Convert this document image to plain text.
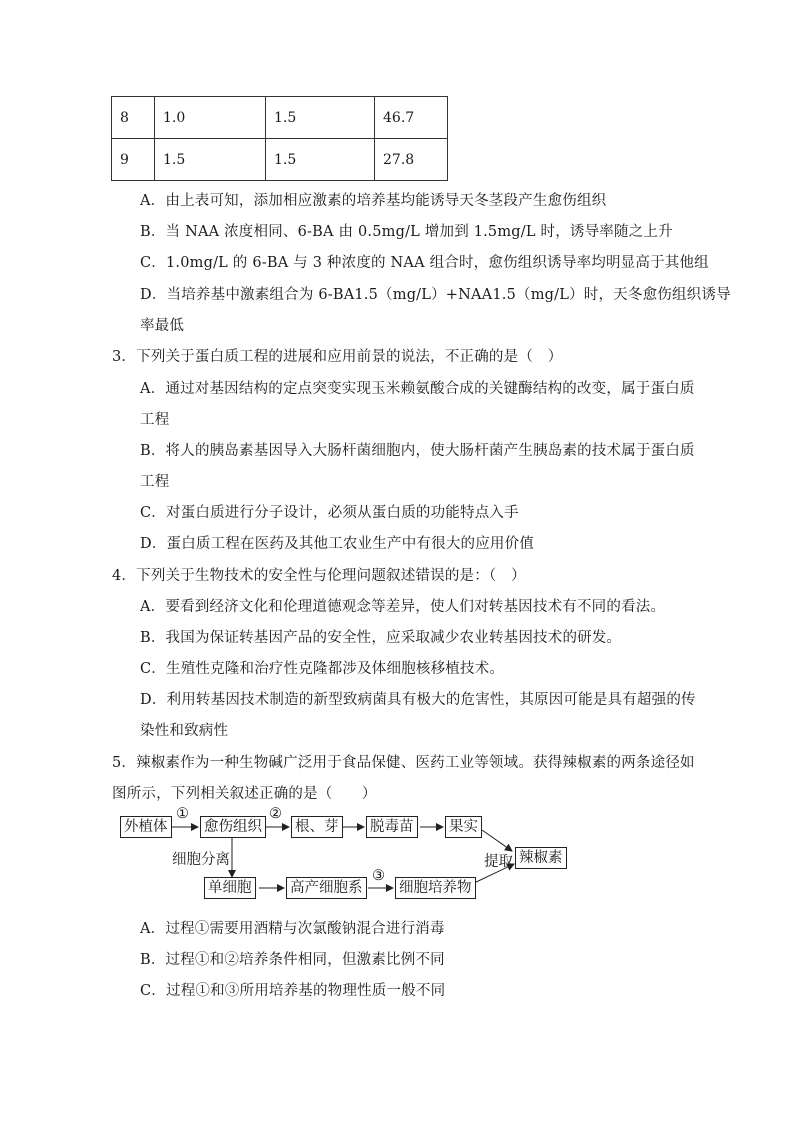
8	1.0	1.5	46.7
9	1.5	1.5	27.8
A．由上表可知，添加相应激素的培养基均能诱导天冬茎段产生愈伤组织
B．当 NAA 浓度相同、6-BA 由 0.5mg/L 增加到 1.5mg/L 时，诱导率随之上升
C．1.0mg/L 的 6-BA 与 3 种浓度的 NAA 组合时，愈伤组织诱导率均明显高于其他组
D．当培养基中激素组合为 6-BA1.5（mg/L）+NAA1.5（mg/L）时，天冬愈伤组织诱导
率最低
3．下列关于蛋白质工程的进展和应用前景的说法，不正确的是（　）
A．通过对基因结构的定点突变实现玉米赖氨酸合成的关键酶结构的改变，属于蛋白质
工程
B．将人的胰岛素基因导入大肠杆菌细胞内，使大肠杆菌产生胰岛素的技术属于蛋白质
工程
C．对蛋白质进行分子设计，必须从蛋白质的功能特点入手
D．蛋白质工程在医药及其他工农业生产中有很大的应用价值
4．下列关于生物技术的安全性与伦理问题叙述错误的是：（　）
A．要看到经济文化和伦理道德观念等差异，使人们对转基因技术有不同的看法。
B．我国为保证转基因产品的安全性，应采取减少农业转基因技术的研发。
C．生殖性克隆和治疗性克隆都涉及体细胞核移植技术。
D．利用转基因技术制造的新型致病菌具有极大的危害性，其原因可能是具有超强的传
染性和致病性
5．辣椒素作为一种生物碱广泛用于食品保健、医药工业等领域。获得辣椒素的两条途径如
图所示，下列相关叙述正确的是（　　）
外植体	愈伤组织 根、芽 脱毒苗 果实
辣椒素
单细胞	高产细胞系	细胞培养物
①	②
③
细胞分离	提取
A．过程①需要用酒精与次氯酸钠混合进行消毒
B．过程①和②培养条件相同，但激素比例不同
C．过程①和③所用培养基的物理性质一般不同
